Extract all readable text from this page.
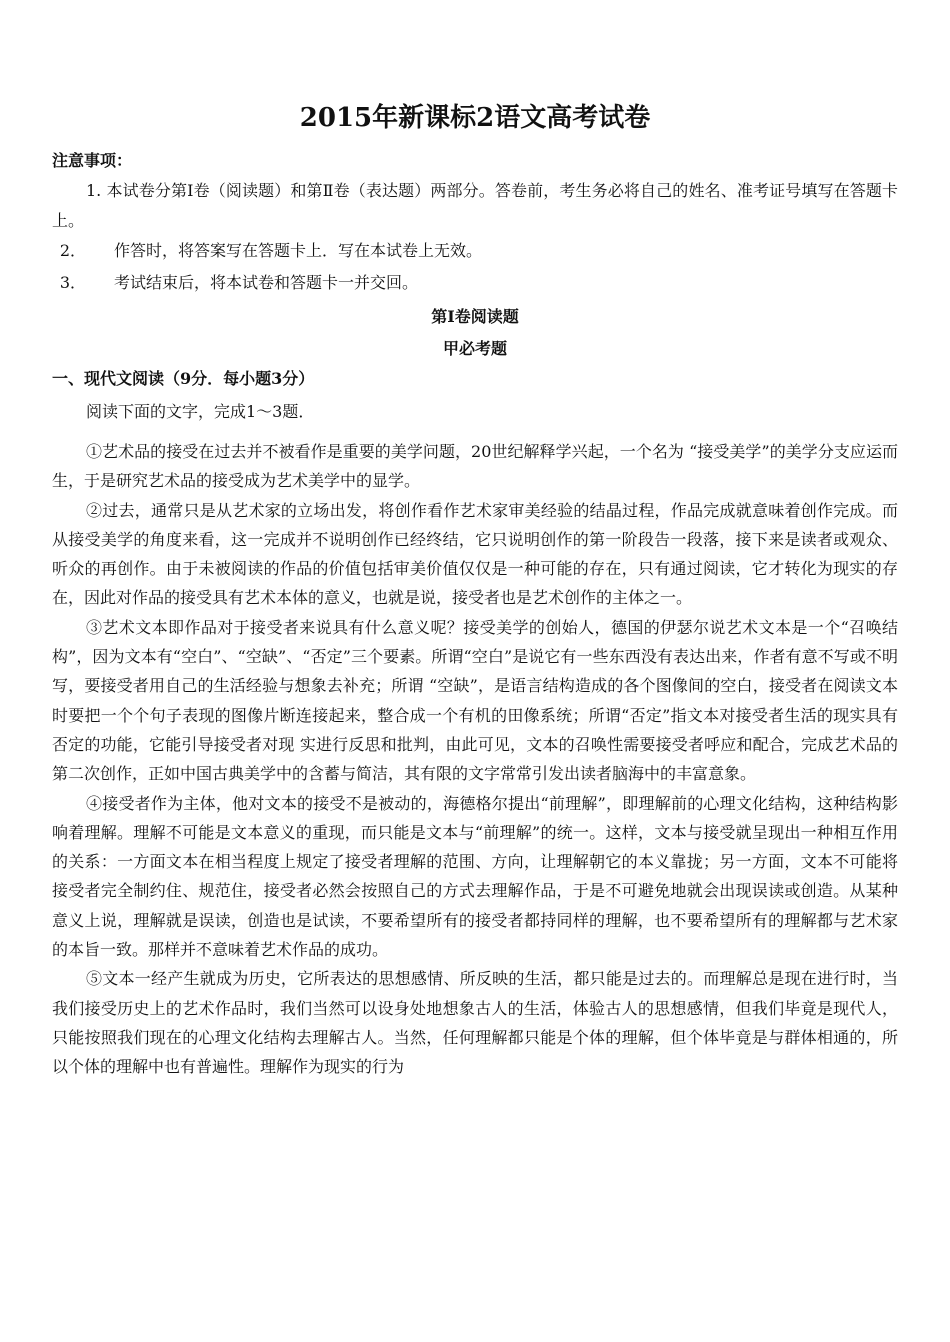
2015年新课标2语文高考试卷
注意事项：
1. 本试卷分第Ⅰ卷（阅读题）和第Ⅱ卷（表达题）两部分。答卷前，考生务必将自己的姓名、准考证号填写在答题卡上。
2． 作答时，将答案写在答题卡上．写在本试卷上无效。
3． 考试结束后，将本试卷和答题卡一并交回。
第Ⅰ卷阅读题
甲必考题
一、现代文阅读（9分．每小题3分）
阅读下面的文字，完成1～3题．

①艺术品的接受在过去并不被看作是重要的美学问题，20世纪解释学兴起，一个名为 “接受美学”的美学分支应运而生，于是研究艺术品的接受成为艺术美学中的显学。

②过去，通常只是从艺术家的立场出发，将创作看作艺术家审美经验的结晶过程，作品完成就意味着创作完成。而从接受美学的角度来看，这一完成并不说明创作已经终结，它只说明创作的第一阶段告一段落，接下来是读者或观众、听众的再创作。由于未被阅读的作品的价值包括审美价值仅仅是一种可能的存在，只有通过阅读，它才转化为现实的存在，因此对作品的接受具有艺术本体的意义，也就是说，接受者也是艺术创作的主体之一。

③艺术文本即作品对于接受者来说具有什么意义呢？接受美学的创始人，德国的伊瑟尔说艺术文本是一个“召唤结构”，因为文本有“空白”、“空缺”、“否定”三个要素。所谓“空白”是说它有一些东西没有表达出来，作者有意不写或不明写，要接受者用自己的生活经验与想象去补充；所谓 “空缺”，是语言结构造成的各个图像间的空白，接受者在阅读文本时要把一个个句子表现的图像片断连接起来，整合成一个有机的田像系统；所谓“否定”指文本对接受者生活的现实具有否定的功能，它能引导接受者对现 实进行反思和批判，由此可见，文本的召唤性需要接受者呼应和配合，完成艺术品的第二次创作，正如中国古典美学中的含蓄与简洁，其有限的文字常常引发出读者脑海中的丰富意象。

④接受者作为主体，他对文本的接受不是被动的，海德格尔提出“前理解”，即理解前的心理文化结构，这种结构影响着理解。理解不可能是文本意义的重现，而只能是文本与“前理解”的统一。这样，文本与接受就呈现出一种相互作用的关系：一方面文本在相当程度上规定了接受者理解的范围、方向，让理解朝它的本义靠拢；另一方面，文本不可能将接受者完全制约住、规范住，接受者必然会按照自己的方式去理解作品，于是不可避免地就会出现误读或创造。从某种意义上说，理解就是误读，创造也是试读，不要希望所有的接受者都持同样的理解，也不要希望所有的理解都与艺术家的本旨一致。那样并不意味着艺术作品的成功。

⑤文本一经产生就成为历史，它所表达的思想感情、所反映的生活，都只能是过去的。而理解总是现在进行时，当我们接受历史上的艺术作品时，我们当然可以设身处地想象古人的生活，体验古人的思想感情，但我们毕竟是现代人，只能按照我们现在的心理文化结构去理解古人。当然，任何理解都只能是个体的理解，但个体毕竟是与群体相通的，所以个体的理解中也有普遍性。理解作为现实的行为
